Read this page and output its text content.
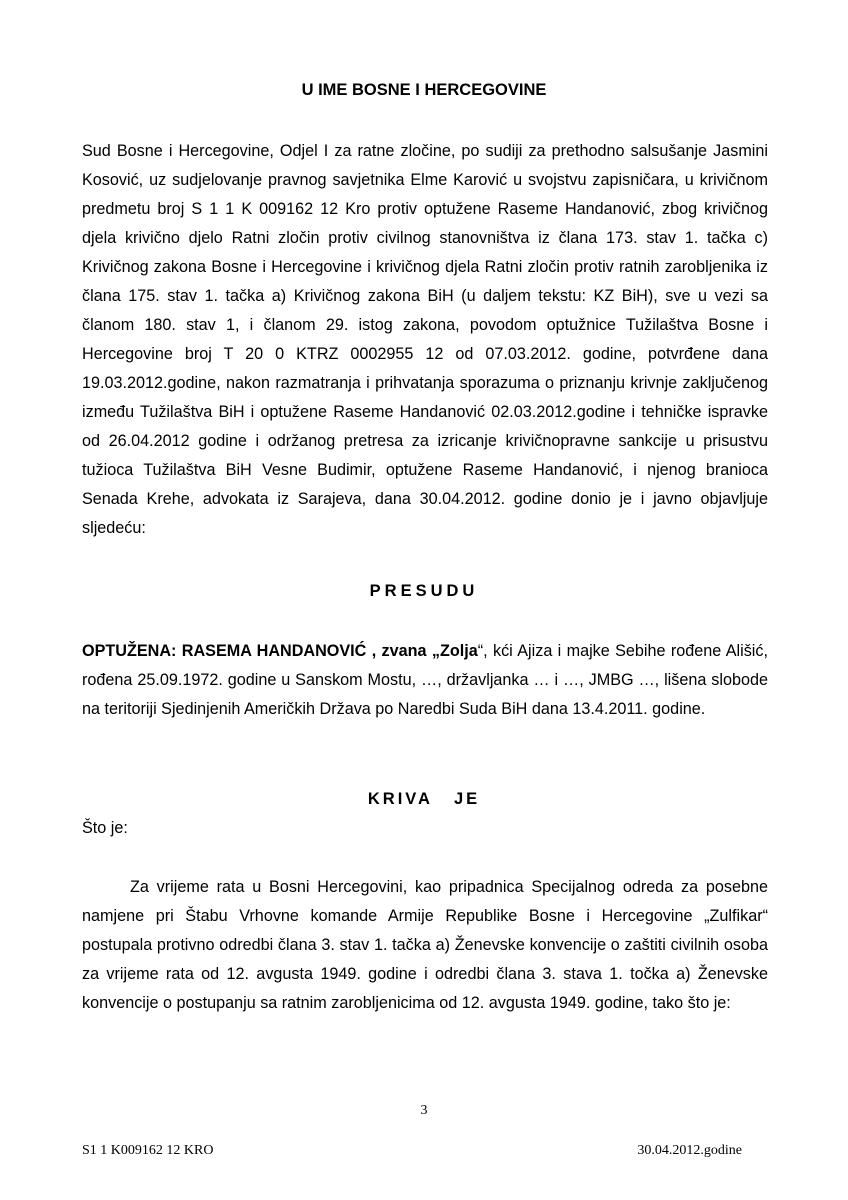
U IME BOSNE I HERCEGOVINE

Sud Bosne i Hercegovine, Odjel I za ratne zločine, po sudiji za prethodno salsušanje Jasmini Kosović, uz sudjelovanje pravnog savjetnika Elme Karović u svojstvu zapisničara, u krivičnom predmetu broj S 1 1 K 009162 12 Kro protiv optužene Raseme Handanović, zbog krivičnog djela krivično djelo Ratni zločin protiv civilnog stanovništva iz člana 173. stav 1. tačka c) Krivičnog zakona Bosne i Hercegovine i krivičnog djela Ratni zločin protiv ratnih zarobljenika iz člana 175. stav 1. tačka a) Krivičnog zakona BiH (u daljem tekstu: KZ BiH), sve u vezi sa članom 180. stav 1, i članom 29. istog zakona, povodom optužnice Tužilaštva Bosne i Hercegovine broj T 20 0 KTRZ 0002955 12 od 07.03.2012. godine, potvrđene dana 19.03.2012.godine, nakon razmatranja i prihvatanja sporazuma o priznanju krivnje zaključenog između Tužilaštva BiH i optužene Raseme Handanović 02.03.2012.godine i tehničke ispravke od 26.04.2012 godine i održanog pretresa za izricanje krivičnopravne sankcije u prisustvu tužioca Tužilaštva BiH Vesne Budimir, optužene Raseme Handanović, i njenog branioca Senada Krehe, advokata iz Sarajeva, dana 30.04.2012. godine donio je i javno objavljuje sljedeću:

PRESUDU

OPTUŽENA: RASEMA HANDANOVIĆ , zvana „Zolja“, kći Ajiza i majke Sebihe rođene Ališić, rođena 25.09.1972. godine u Sanskom Mostu, …, državljanka … i …, JMBG …, lišena slobode na teritoriji Sjedinjenih Američkih Država po Naredbi Suda BiH dana 13.4.2011. godine.

KRIVA JE

Što je:

Za vrijeme rata u Bosni Hercegovini, kao pripadnica Specijalnog odreda za posebne namjene pri Štabu Vrhovne komande Armije Republike Bosne i Hercegovine „Zulfikar“ postupala protivno odredbi člana 3. stav 1. tačka a) Ženevske konvencije o zaštiti civilnih osoba za vrijeme rata od 12. avgusta 1949. godine i odredbi člana 3. stava 1. točka a) Ženevske konvencije o postupanju sa ratnim zarobljenicima od 12. avgusta 1949. godine, tako što je:

3
S1 1 K009162 12 KRO	30.04.2012.godine
